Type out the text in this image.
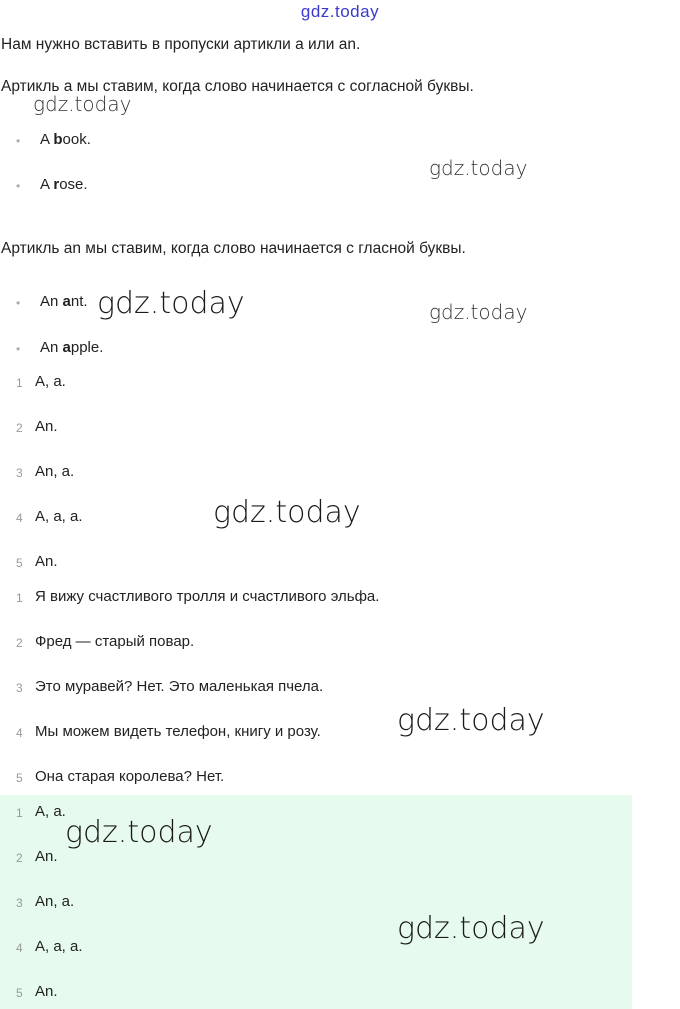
gdz.today
Нам нужно вставить в пропуски артикли a или an.
Артикль a мы ставим, когда слово начинается с согласной буквы.
• A book.
• A rose.
Артикль an мы ставим, когда слово начинается с гласной буквы.
• An ant.
• An apple.
1 A, a.
2 An.
3 An, a.
4 A, a, a.
5 An.
1 Я вижу счастливого тролля и счастливого эльфа.
2 Фред — старый повар.
3 Это муравей? Нет. Это маленькая пчела.
4 Мы можем видеть телефон, книгу и розу.
5 Она старая королева? Нет.
1 A, a.
2 An.
3 An, a.
4 A, a, a.
5 An.
gdz.today
gdz.today
gdz.today	gdz.today
gdz.today
gdz.today
gdz.today
gdz.today
